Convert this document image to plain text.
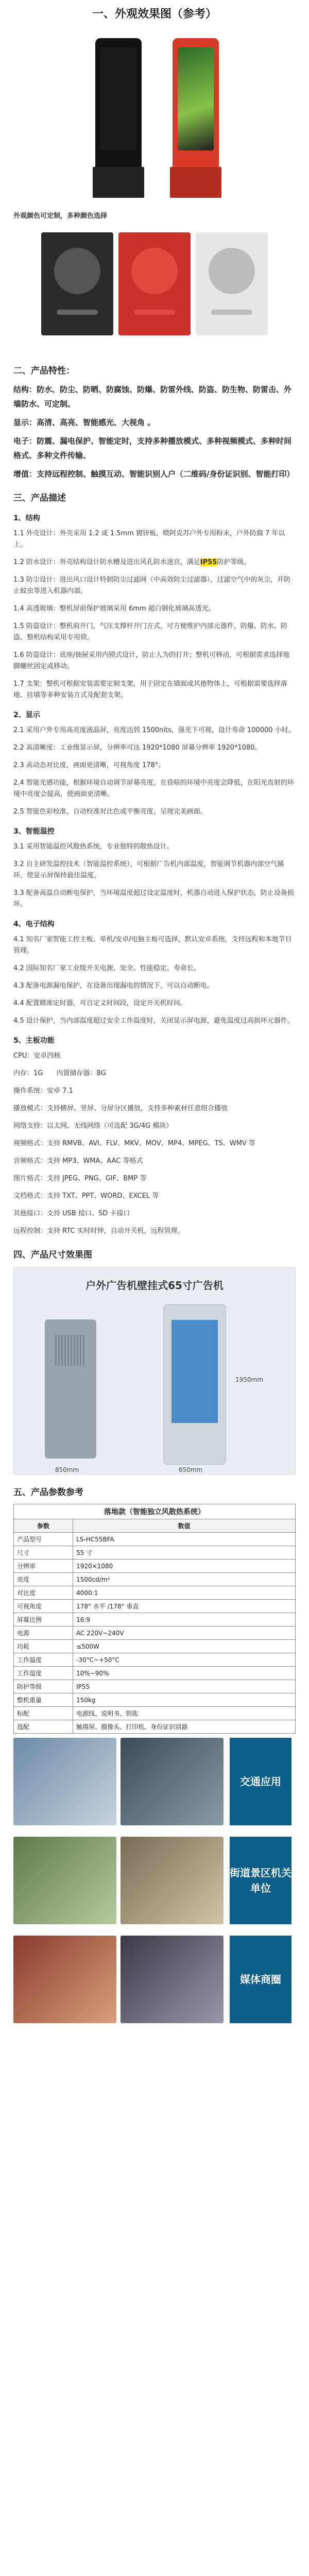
一、外观效果图（参考）
外观颜色可定制，多种颜色选择
二、产品特性：
结构：防水、防尘、防晒、防腐蚀、防爆、防雷外线、防盗、防生物、防雷击、外墙防水、可定制。
显示：高清、高亮、智能感光、大视角 。
电子：防震、漏电保护、智能定时，支持多种播放模式、多种视频模式、多种时间格式、多种文件传输、
增值：支持远程控制、触摸互动、智能识别人户（二维码/身份证识别、智能打印）
三、产品描述
1、结构
1.1 外壳设计：外壳采用 1.2 或 1.5mm 镀锌板，喷阿克苏户外专用粉末，户外防腐 7 年以上。
1.2 防水设计：外壳结构设计防水槽及进出风孔防水迷宫，满足IP55防护等级。
1.3 防尘设计：进出风口设计特制防尘过滤网（中高效防尘过滤器），过滤空气中的灰尘，并防止蚊虫等进入机器内部。
1.4 高透玻璃：整机屏前保护玻璃采用 6mm 超白钢化玻璃高透光。
1.5 防盗设计：整机前开门，气压支撑杆开门方式，可方便维护内部元器件，防爆、防水、防盗、整机结构采用专用锁。
1.6 防盗设计：底座/抽屉采用内锁式设计，防止人为的打开；整机可移动，可根据需求选择地脚螺丝固定或移动。
1.7 支架：整机可根据安装需要定制支架，用于固定在墙面或其他物体上，可根据需要选择落地、挂墙等多种安装方式及配套支架。
2、显示
2.1 采用户外专用高亮度液晶屏，亮度达到 1500nits，强光下可视，设计寿命 100000 小时。
2.2 高清晰度：工业级显示屏，分辨率可达 1920*1080 屏幕分辨率 1920*1080。
2.3 高动态对比度，画面更清晰，可视角度 178°。
2.4 智能光感功能，根据环境自动调节屏幕亮度，在昏暗的环境中亮度会降低，在阳光直射的环境中亮度会提高，使画面更清晰。
2.5 智能色彩校准，自动校准对比色或平衡亮度，呈现完美画面。
3、智能温控
3.1 采用智能温控风散热系统，专业独特的散热设计。
3.2 自主研发温控技术（智能温控系统），可根据广告机内部温度，智能调节机器内部空气循环，使显示屏保持最佳温度。
3.3 配备高温自动断电保护，当环境温度超过设定温度时，机器自动进入保护状态，防止设备损坏。
4、电子结构
4.1 知名厂家智能工控主板、单机/安卓/电脑主板可选择，默认安卓系统，支持远程和本地节目管理。
4.2 国际知名厂家工业级开关电源，安全、性能稳定、寿命长。
4.3 配备电源漏电保护，在设备出现漏电的情况下，可以自动断电。
4.4 配置精准定时器，可自定义时间段，设定开关机时间。
4.5 设计保护，当内部温度超过安全工作温度时，关闭显示屏电源，避免温度过高损坏元器件。
5、主板功能
CPU：安卓四核
内存：1G　　内置储存器：8G
操作系统：安卓 7.1
播放模式：支持横屏、竖屏、分屏分区播放，支持多种素材任意组合播放
网络支持：以太网、无线网络（可选配 3G/4G 模块）
视频格式：支持 RMVB、AVI、FLV、MKV、MOV、MP4、MPEG、TS、WMV 等
音频格式：支持 MP3、WMA、AAC 等格式
图片格式：支持 JPEG、PNG、GIF、BMP 等
文档格式：支持 TXT、PPT、WORD、EXCEL 等
其他接口：支持 USB 接口、SD 卡接口
远程控制：支持 RTC 实时时钟，自动开关机，远程管理。
四、产品尺寸效果图
户外广告机壁挂式65寸广告机
1950mm
650mm
850mm
五、产品参数参考
落地款（智能独立风散热系统）	
参数	数值
产品型号	LS-HC55BFA
尺寸	55 寸
分辨率	1920×1080
亮度	1500cd/m²
对比度	4000:1
可视角度	178° 水平 /178° 垂直
屏幕比例	16:9
电源	AC 220V~240V
功耗	≤500W
工作温度	-30°C~+50°C
工作湿度	10%~90%
防护等级	IP55
整机重量	150kg
标配	电源线、说明书、钥匙
选配	触摸屏、摄像头、打印机、身份证识别器
交通应用
街道景区机关单位
媒体商圈
